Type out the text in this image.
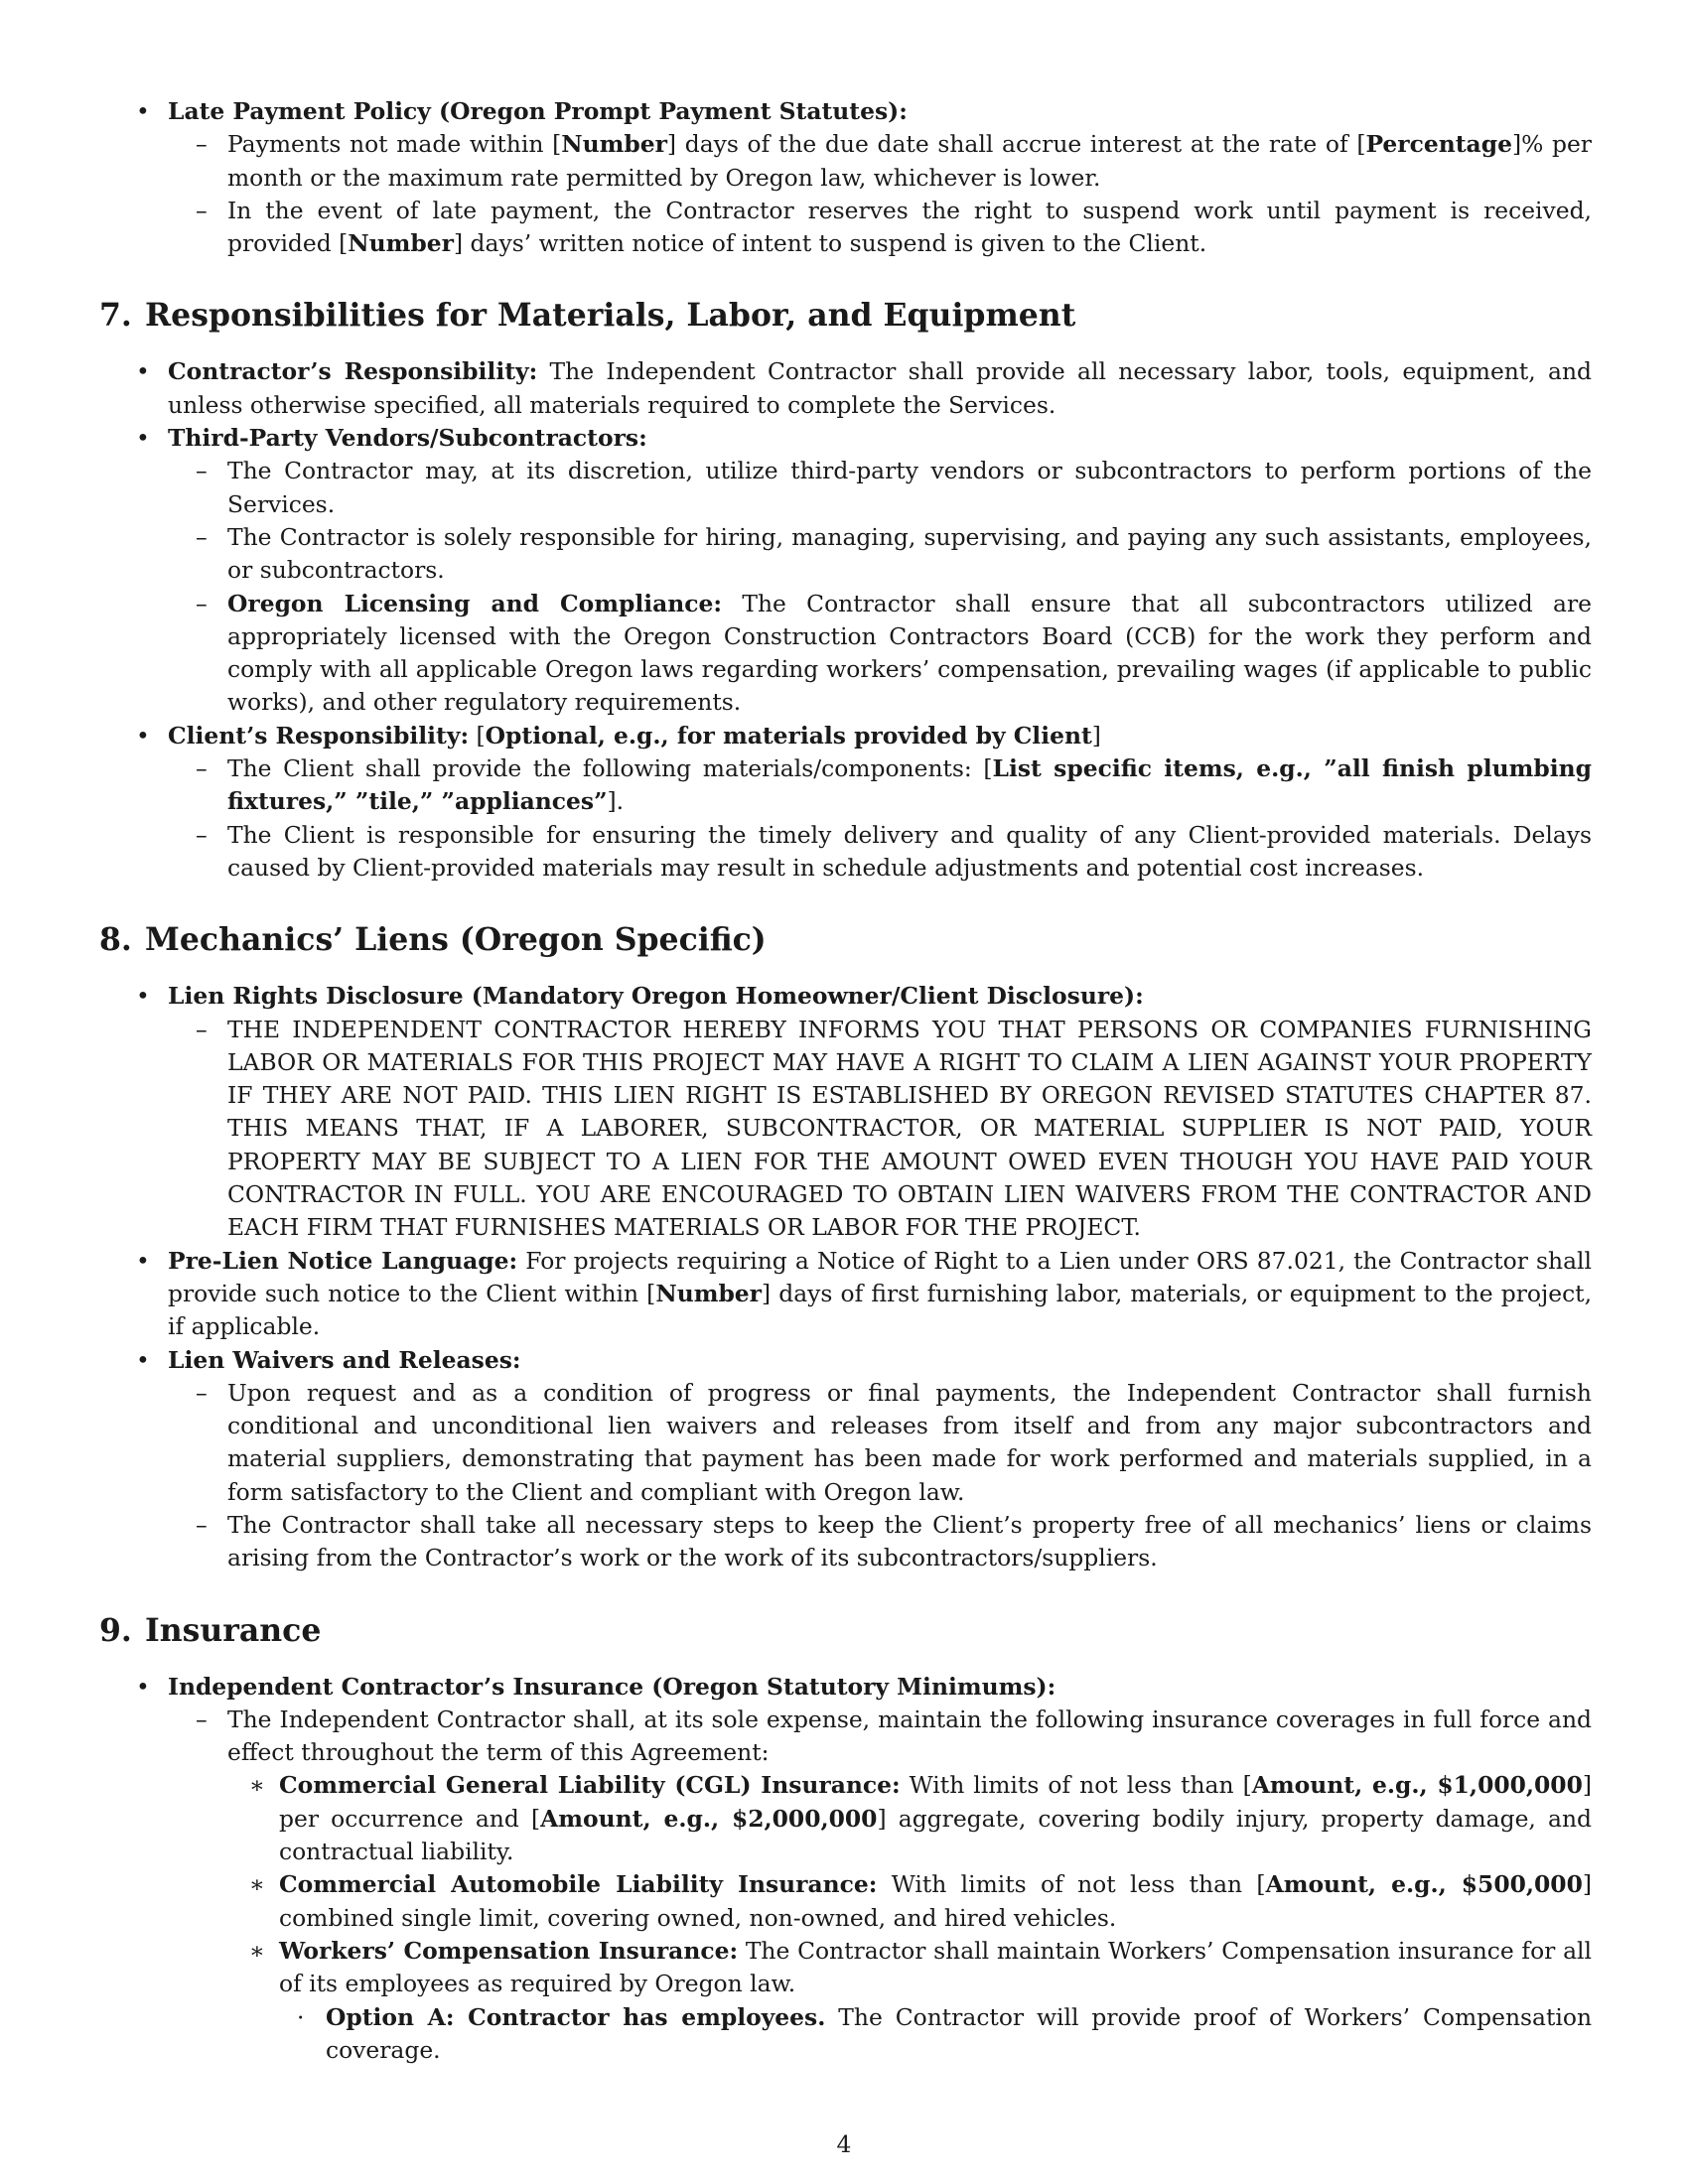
• Late Payment Policy (Oregon Prompt Payment Statutes):
– Payments not made within [Number] days of the due date shall accrue interest at the rate of [Percentage]% per month or the maximum rate permitted by Oregon law, whichever is lower.
– In the event of late payment, the Contractor reserves the right to suspend work until payment is received, provided [Number] days’ written notice of intent to suspend is given to the Client.
7. Responsibilities for Materials, Labor, and Equipment
• Contractor’s Responsibility: The Independent Contractor shall provide all necessary labor, tools, equipment, and unless otherwise specified, all materials required to complete the Services.
• Third-Party Vendors/Subcontractors:
– The Contractor may, at its discretion, utilize third-party vendors or subcontractors to perform portions of the Services.
– The Contractor is solely responsible for hiring, managing, supervising, and paying any such assistants, employees, or subcontractors.
– Oregon Licensing and Compliance: The Contractor shall ensure that all subcontractors utilized are appropriately licensed with the Oregon Construction Contractors Board (CCB) for the work they perform and comply with all applicable Oregon laws regarding workers’ compensation, prevailing wages (if applicable to public works), and other regulatory requirements.
• Client’s Responsibility: [Optional, e.g., for materials provided by Client]
– The Client shall provide the following materials/components: [List specific items, e.g., ”all finish plumbing fixtures,” ”tile,” ”appliances”].
– The Client is responsible for ensuring the timely delivery and quality of any Client-provided materials. Delays caused by Client-provided materials may result in schedule adjustments and potential cost increases.
8. Mechanics’ Liens (Oregon Specific)
• Lien Rights Disclosure (Mandatory Oregon Homeowner/Client Disclosure):
– THE INDEPENDENT CONTRACTOR HEREBY INFORMS YOU THAT PERSONS OR COMPANIES FURNISHING LABOR OR MATERIALS FOR THIS PROJECT MAY HAVE A RIGHT TO CLAIM A LIEN AGAINST YOUR PROPERTY IF THEY ARE NOT PAID. THIS LIEN RIGHT IS ESTABLISHED BY OREGON REVISED STATUTES CHAPTER 87. THIS MEANS THAT, IF A LABORER, SUBCONTRACTOR, OR MATERIAL SUPPLIER IS NOT PAID, YOUR PROPERTY MAY BE SUBJECT TO A LIEN FOR THE AMOUNT OWED EVEN THOUGH YOU HAVE PAID YOUR CONTRACTOR IN FULL. YOU ARE ENCOURAGED TO OBTAIN LIEN WAIVERS FROM THE CONTRACTOR AND EACH FIRM THAT FURNISHES MATERIALS OR LABOR FOR THE PROJECT.
• Pre-Lien Notice Language: For projects requiring a Notice of Right to a Lien under ORS 87.021, the Contractor shall provide such notice to the Client within [Number] days of first furnishing labor, materials, or equipment to the project, if applicable.
• Lien Waivers and Releases:
– Upon request and as a condition of progress or final payments, the Independent Contractor shall furnish conditional and unconditional lien waivers and releases from itself and from any major subcontractors and material suppliers, demonstrating that payment has been made for work performed and materials supplied, in a form satisfactory to the Client and compliant with Oregon law.
– The Contractor shall take all necessary steps to keep the Client’s property free of all mechanics’ liens or claims arising from the Contractor’s work or the work of its subcontractors/suppliers.
9. Insurance
• Independent Contractor’s Insurance (Oregon Statutory Minimums):
– The Independent Contractor shall, at its sole expense, maintain the following insurance coverages in full force and effect throughout the term of this Agreement:
∗ Commercial General Liability (CGL) Insurance: With limits of not less than [Amount, e.g., $1,000,000] per occurrence and [Amount, e.g., $2,000,000] aggregate, covering bodily injury, property damage, and contractual liability.
∗ Commercial Automobile Liability Insurance: With limits of not less than [Amount, e.g., $500,000] combined single limit, covering owned, non-owned, and hired vehicles.
∗ Workers’ Compensation Insurance: The Contractor shall maintain Workers’ Compensation insurance for all of its employees as required by Oregon law.
· Option A: Contractor has employees. The Contractor will provide proof of Workers’ Compensation coverage.
4
